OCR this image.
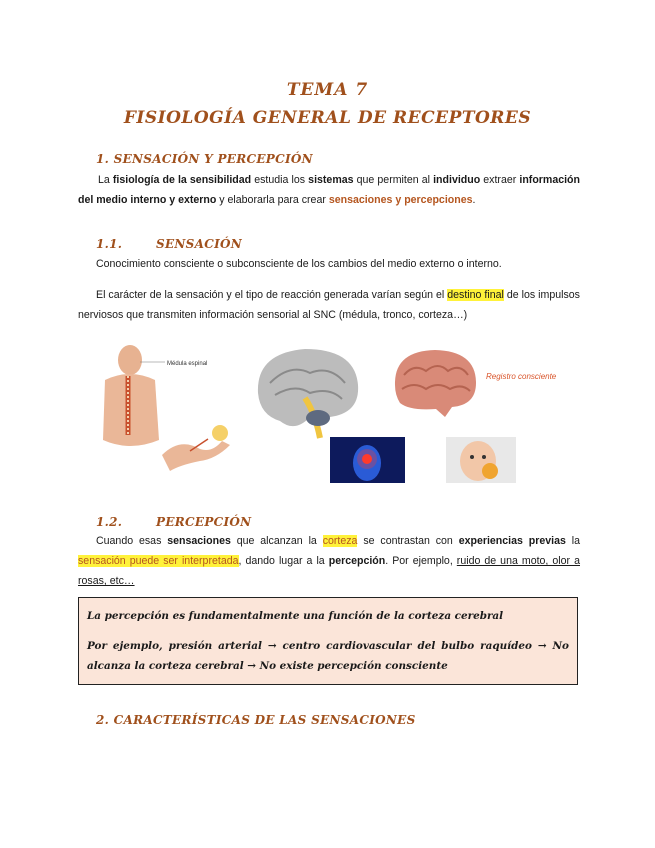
TEMA 7
FISIOLOGÍA GENERAL DE RECEPTORES
1. SENSACIÓN Y PERCEPCIÓN
La fisiología de la sensibilidad estudia los sistemas que permiten al individuo extraer información del medio interno y externo y elaborarla para crear sensaciones y percepciones.
1.1.	SENSACIÓN
Conocimiento consciente o subconsciente de los cambios del medio externo o interno.
El carácter de la sensación y el tipo de reacción generada varían según el destino final de los impulsos nerviosos que transmiten información sensorial al SNC (médula, tronco, corteza…)
Médula espinal
Registro consciente
1.2.	PERCEPCIÓN
Cuando esas sensaciones que alcanzan la corteza se contrastan con experiencias previas la sensación puede ser interpretada, dando lugar a la percepción. Por ejemplo, ruido de una moto, olor a rosas, etc…

La percepción es fundamentalmente una función de la corteza cerebral

Por ejemplo, presión arterial → centro cardiovascular del bulbo raquídeo → No alcanza la corteza cerebral → No existe percepción consciente

2. CARACTERÍSTICAS DE LAS SENSACIONES
